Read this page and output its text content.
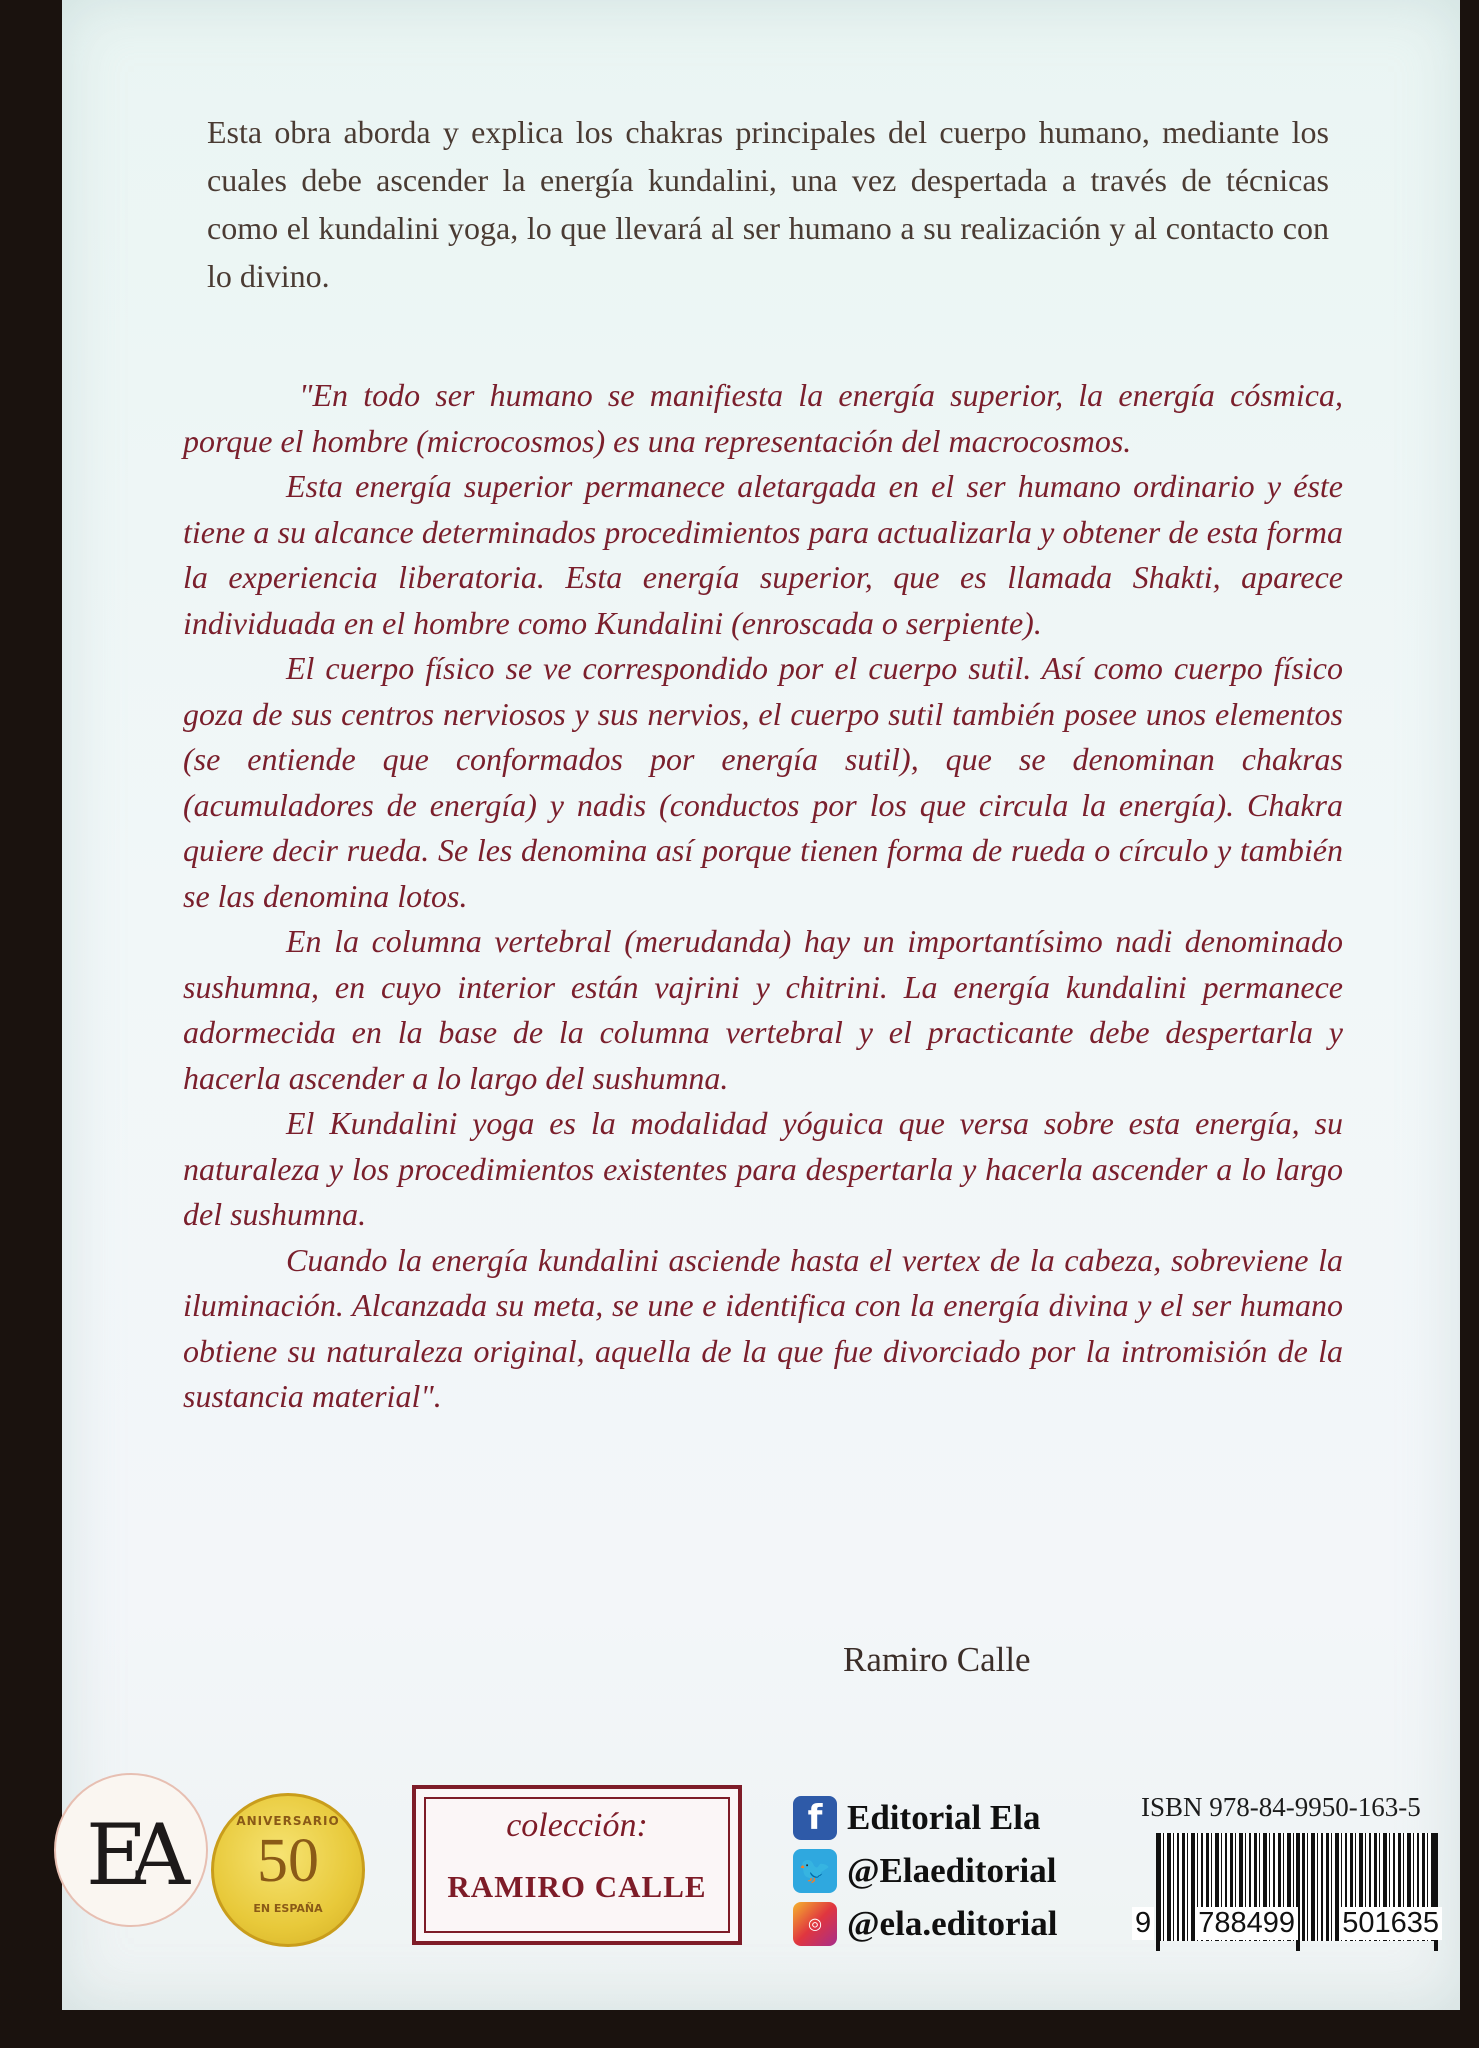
Esta obra aborda y explica los chakras principales del cuerpo humano, mediante los cuales debe ascender la energía kundalini, una vez despertada a través de técnicas como el kundalini yoga, lo que llevará al ser humano a su realización y al contacto con lo divino.

"En todo ser humano se manifiesta la energía superior, la energía cósmica, porque el hombre (microcosmos) es una representación del macrocosmos.

Esta energía superior permanece aletargada en el ser humano ordinario y éste tiene a su alcance determinados procedimientos para actualizarla y obtener de esta forma la experiencia liberatoria. Esta energía superior, que es llamada Shakti, aparece individuada en el hombre como Kundalini (enroscada o serpiente).

El cuerpo físico se ve correspondido por el cuerpo sutil. Así como cuerpo físico goza de sus centros nerviosos y sus nervios, el cuerpo sutil también posee unos elementos (se entiende que conformados por energía sutil), que se denominan chakras (acumuladores de energía) y nadis (conductos por los que circula la energía). Chakra quiere decir rueda. Se les denomina así porque tienen forma de rueda o círculo y también se las denomina lotos.

En la columna vertebral (merudanda) hay un importantísimo nadi denominado sushumna, en cuyo interior están vajrini y chitrini. La energía kundalini permanece adormecida en la base de la columna vertebral y el practicante debe despertarla y hacerla ascender a lo largo del sushumna.

El Kundalini yoga es la modalidad yóguica que versa sobre esta energía, su naturaleza y los procedimientos existentes para despertarla y hacerla ascender a lo largo del sushumna.

Cuando la energía kundalini asciende hasta el vertex de la cabeza, sobreviene la iluminación. Alcanzada su meta, se une e identifica con la energía divina y el ser humano obtiene su naturaleza original, aquella de la que fue divorciado por la intromisión de la sustancia material".

Ramiro Calle
EA	ANIVERSARIO
50
EN ESPAÑA
colección:
RAMIRO CALLE
f Editorial Ela
🐦 @Elaeditorial
◎ @ela.editorial
ISBN 978-84-9950-163-5
9 788499 501635
